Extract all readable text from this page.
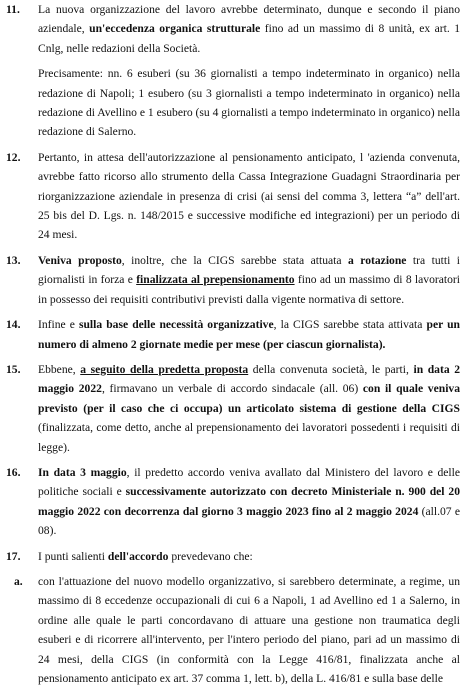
11. La nuova organizzazione del lavoro avrebbe determinato, dunque e secondo il piano aziendale, un'eccedenza organica strutturale fino ad un massimo di 8 unità, ex art. 1 Cnlg, nelle redazioni della Società.

Precisamente: nn. 6 esuberi (su 36 giornalisti a tempo indeterminato in organico) nella redazione di Napoli; 1 esubero (su 3 giornalisti a tempo indeterminato in organico) nella redazione di Avellino e 1 esubero (su 4 giornalisti a tempo indeterminato in organico) nella redazione di Salerno.

12. Pertanto, in attesa dell'autorizzazione al pensionamento anticipato, l 'azienda convenuta, avrebbe fatto ricorso allo strumento della Cassa Integrazione Guadagni Straordinaria per riorganizzazione aziendale in presenza di crisi (ai sensi del comma 3, lettera “a” dell'art. 25 bis del D. Lgs. n. 148/2015 e successive modifiche ed integrazioni) per un periodo di 24 mesi.

13. Veniva proposto, inoltre, che la CIGS sarebbe stata attuata a rotazione tra tutti i giornalisti in forza e finalizzata al prepensionamento fino ad un massimo di 8 lavoratori in possesso dei requisiti contributivi previsti dalla vigente normativa di settore.

14. Infine e sulla base delle necessità organizzative, la CIGS sarebbe stata attivata per un numero di almeno 2 giornate medie per mese (per ciascun giornalista).

15. Ebbene, a seguito della predetta proposta della convenuta società, le parti, in data 2 maggio 2022, firmavano un verbale di accordo sindacale (all. 06) con il quale veniva previsto (per il caso che ci occupa) un articolato sistema di gestione della CIGS (finalizzata, come detto, anche al prepensionamento dei lavoratori possedenti i requisiti di legge).

16. In data 3 maggio, il predetto accordo veniva avallato dal Ministero del lavoro e delle politiche sociali e successivamente autorizzato con decreto Ministeriale n. 900 del 20 maggio 2022 con decorrenza dal giorno 3 maggio 2023 fino al 2 maggio 2024 (all.07 e 08).

17. I punti salienti dell'accordo prevedevano che:

a. con l'attuazione del nuovo modello organizzativo, si sarebbero determinate, a regime, un massimo di 8 eccedenze occupazionali di cui 6 a Napoli, 1 ad Avellino ed 1 a Salerno, in ordine alle quale le parti concordavano di attuare una gestione non traumatica degli esuberi e di ricorrere all'intervento, per l'intero periodo del piano, pari ad un massimo di 24 mesi, della CIGS (in conformità con la Legge 416/81, finalizzata anche al pensionamento anticipato ex art. 37 comma 1, lett. b), della L. 416/81 e sulla base delle
